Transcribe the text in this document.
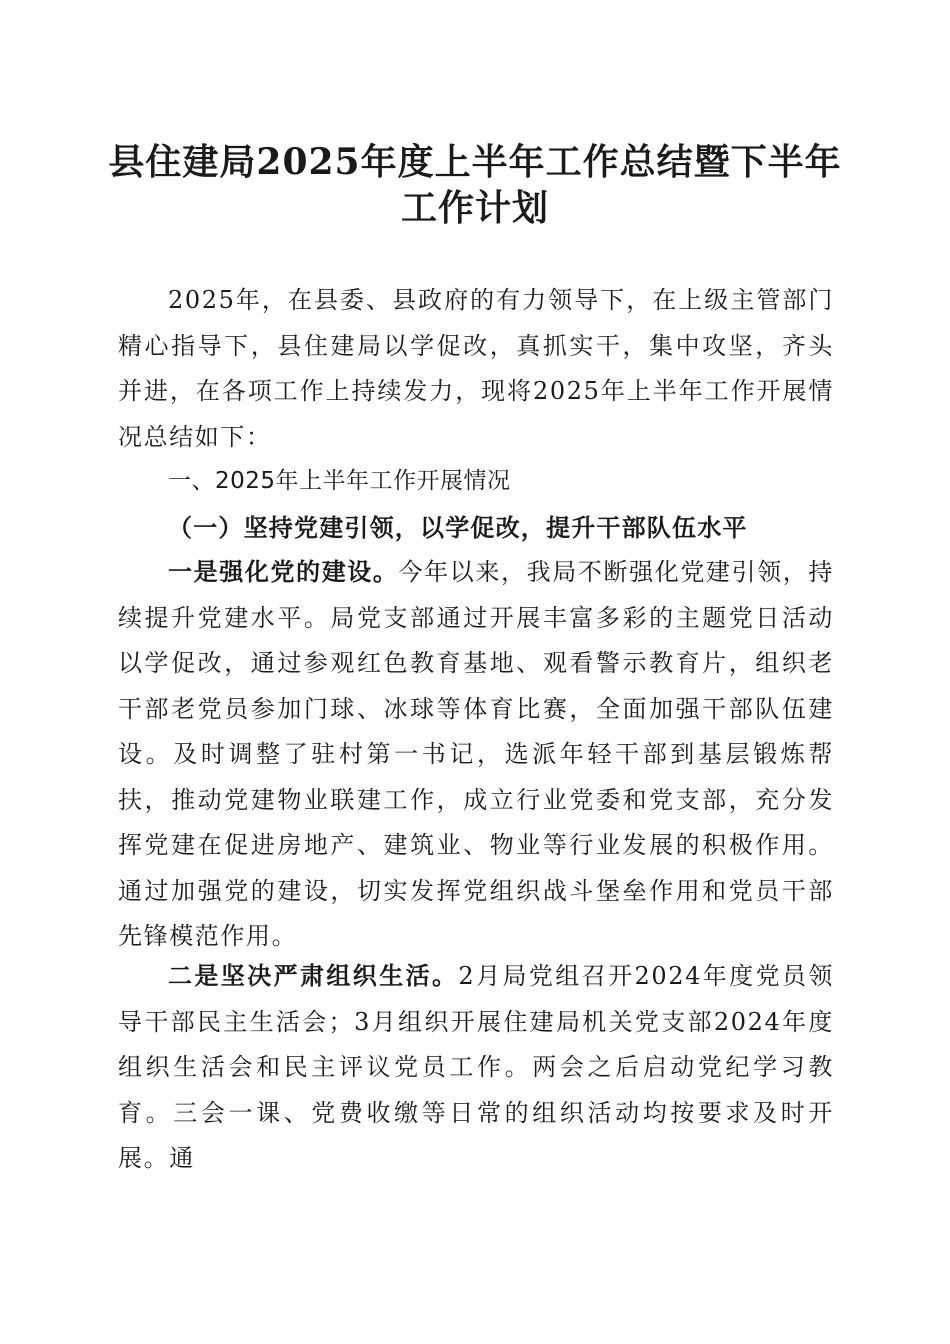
县住建局2025年度上半年工作总结暨下半年
工作计划

2025年，在县委、县政府的有力领导下，在上级主管部门精心指导下，县住建局以学促改，真抓实干，集中攻坚，齐头并进，在各项工作上持续发力，现将2025年上半年工作开展情况总结如下：

一、2025年上半年工作开展情况

（一）坚持党建引领，以学促改，提升干部队伍水平

一是强化党的建设。今年以来，我局不断强化党建引领，持续提升党建水平。局党支部通过开展丰富多彩的主题党日活动以学促改，通过参观红色教育基地、观看警示教育片，组织老干部老党员参加门球、冰球等体育比赛，全面加强干部队伍建设。及时调整了驻村第一书记，选派年轻干部到基层锻炼帮扶，推动党建物业联建工作，成立行业党委和党支部，充分发挥党建在促进房地产、建筑业、物业等行业发展的积极作用。通过加强党的建设，切实发挥党组织战斗堡垒作用和党员干部先锋模范作用。

二是坚决严肃组织生活。2月局党组召开2024年度党员领导干部民主生活会；3月组织开展住建局机关党支部2024年度组织生活会和民主评议党员工作。两会之后启动党纪学习教育。三会一课、党费收缴等日常的组织活动均按要求及时开展。通
